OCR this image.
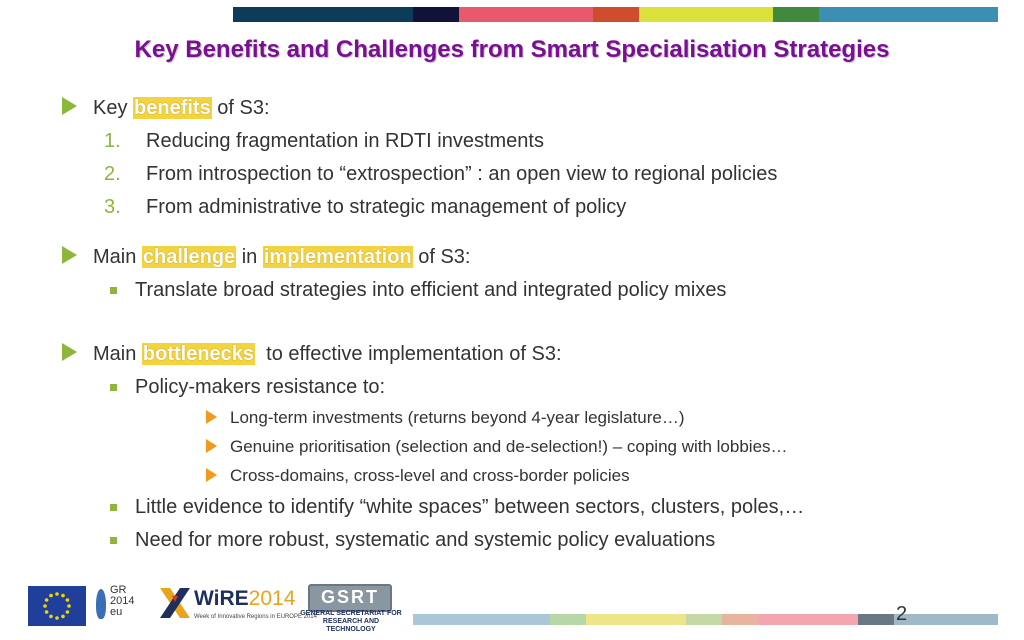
Key Benefits and Challenges from Smart Specialisation Strategies
Key benefits of S3:
1. Reducing fragmentation in RDTI investments
2. From introspection to “extrospection” : an open view to regional policies
3. From administrative to strategic management of policy
Main challenge in implementation of S3:
Translate broad strategies into efficient and integrated policy mixes
Main bottlenecks  to effective implementation of S3:
Policy-makers resistance to:
Long-term investments (returns beyond 4-year legislature…)
Genuine prioritisation (selection and de-selection!) – coping with lobbies…
Cross-domains, cross-level and cross-border policies
Little evidence to identify “white spaces” between sectors, clusters, poles,…
Need for more robust, systematic and systemic policy evaluations
GR
2014
eu
WiRE2014
Week of Innovative Regions in EUROPE 2014
GSRT
GENERAL SECRETARIAT FOR
RESEARCH AND TECHNOLOGY
2
